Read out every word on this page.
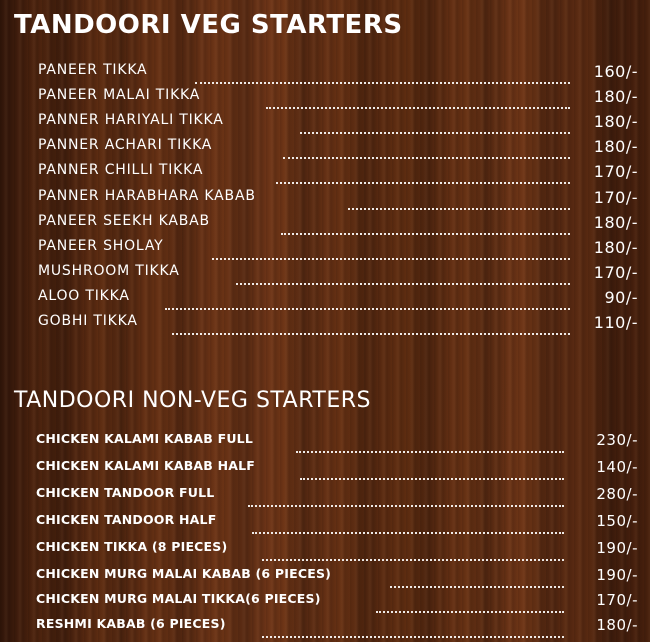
TANDOORI VEG STARTERS
PANEER TIKKA	160/-
PANEER MALAI TIKKA	180/-
PANNER HARIYALI TIKKA	180/-
PANNER ACHARI TIKKA	180/-
PANNER CHILLI TIKKA	170/-
PANNER HARABHARA KABAB	170/-
PANEER SEEKH KABAB	180/-
PANEER SHOLAY	180/-
MUSHROOM TIKKA	170/-
ALOO TIKKA	90/-
GOBHI TIKKA	110/-
TANDOORI NON-VEG STARTERS
CHICKEN KALAMI KABAB FULL	230/-
CHICKEN KALAMI KABAB HALF	140/-
CHICKEN TANDOOR FULL	280/-
CHICKEN TANDOOR HALF	150/-
CHICKEN TIKKA (8 PIECES)	190/-
CHICKEN MURG MALAI KABAB (6 PIECES)	190/-
CHICKEN MURG MALAI TIKKA(6 PIECES)	170/-
RESHMI KABAB (6 PIECES)	180/-
